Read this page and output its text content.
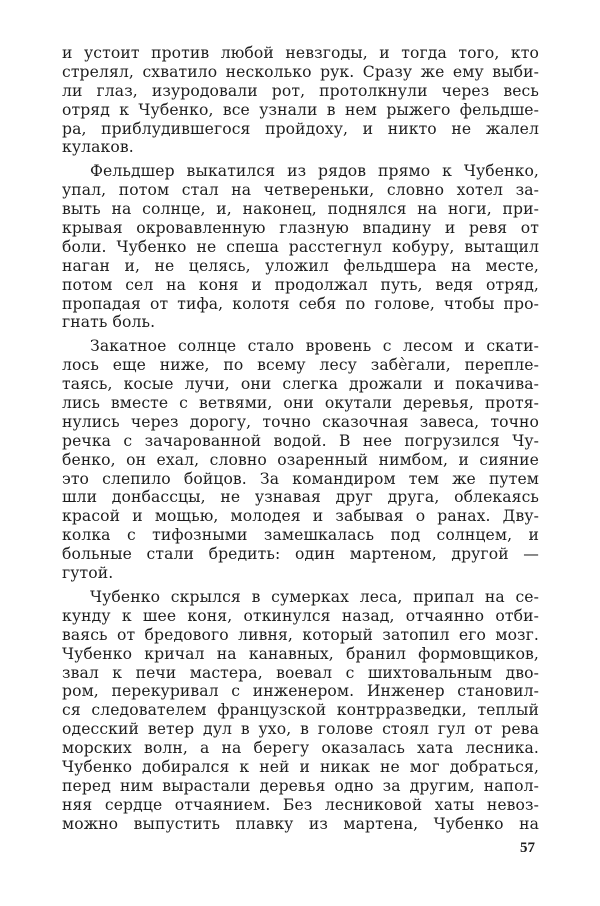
и устоит против любой невзгоды, и тогда того, кто
стрелял, схватило несколько рук. Сразу же ему выби-
ли глаз, изуродовали рот, протолкнули через весь
отряд к Чубенко, все узнали в нем рыжего фельдше-
ра, приблудившегося пройдоху, и никто не жалел
кулаков.
Фельдшер выкатился из рядов прямо к Чубенко,
упал, потом стал на четвереньки, словно хотел за-
выть на солнце, и, наконец, поднялся на ноги, при-
крывая окровавленную глазную впадину и ревя от
боли. Чубенко не спеша расстегнул кобуру, вытащил
наган и, не целясь, уложил фельдшера на месте,
потом сел на коня и продолжал путь, ведя отряд,
пропадая от тифа, колотя себя по голове, чтобы про-
гнать боль.
Закатное солнце стало вровень с лесом и скати-
лось еще ниже, по всему лесу забѐгали, перепле-
таясь, косые лучи, они слегка дрожали и покачива-
лись вместе с ветвями, они окутали деревья, протя-
нулись через дорогу, точно сказочная завеса, точно
речка с зачарованной водой. В нее погрузился Чу-
бенко, он ехал, словно озаренный нимбом, и сияние
это слепило бойцов. За командиром тем же путем
шли донбассцы, не узнавая друг друга, облекаясь
красой и мощью, молодея и забывая о ранах. Дву-
колка с тифозными замешкалась под солнцем, и
больные стали бредить: один мартеном, другой —
гутой.
Чубенко скрылся в сумерках леса, припал на се-
кунду к шее коня, откинулся назад, отчаянно отби-
ваясь от бредового ливня, который затопил его мозг.
Чубенко кричал на канавных, бранил формовщиков,
звал к печи мастера, воевал с шихтовальным дво-
ром, перекуривал с инженером. Инженер становил-
ся следователем французской контрразведки, теплый
одесский ветер дул в ухо, в голове стоял гул от рева
морских волн, а на берегу оказалась хата лесника.
Чубенко добирался к ней и никак не мог добраться,
перед ним вырастали деревья одно за другим, напол-
няя сердце отчаянием. Без лесниковой хаты невоз-
можно выпустить плавку из мартена, Чубенко на
57
